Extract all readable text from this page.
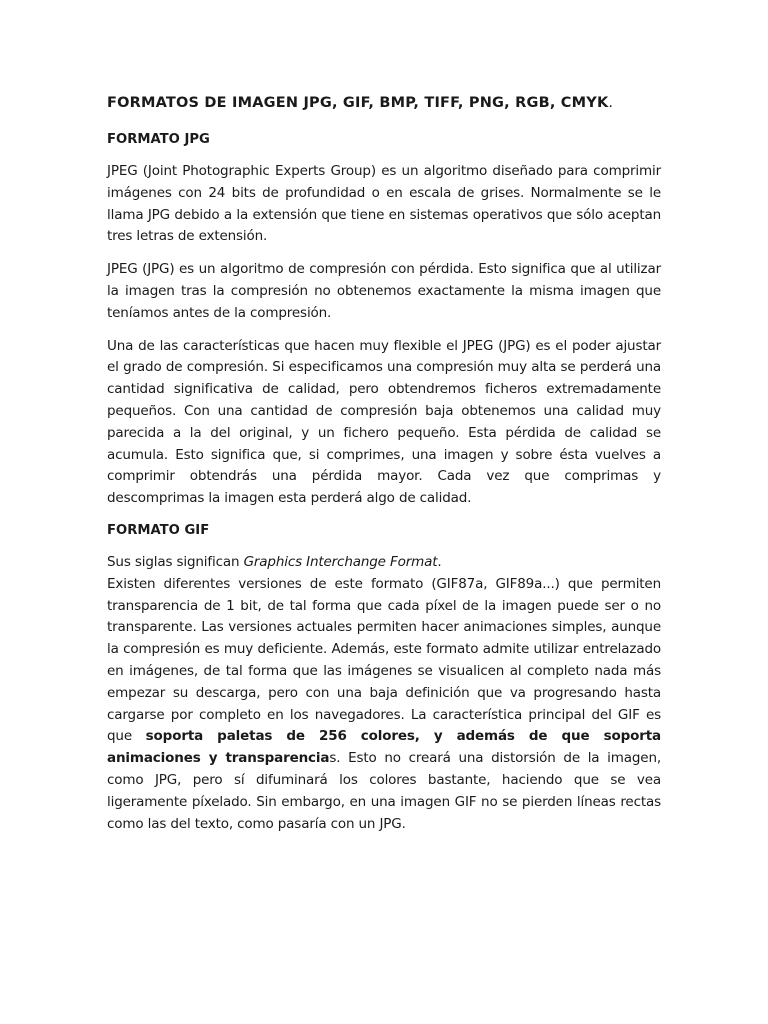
FORMATOS DE IMAGEN JPG, GIF, BMP, TIFF, PNG, RGB, CMYK.
FORMATO JPG

JPEG (Joint Photographic Experts Group) es un algoritmo diseñado para comprimir imágenes con 24 bits de profundidad o en escala de grises. Normalmente se le llama JPG debido a la extensión que tiene en sistemas operativos que sólo aceptan tres letras de extensión.

JPEG (JPG) es un algoritmo de compresión con pérdida. Esto significa que al utilizar la imagen tras la compresión no obtenemos exactamente la misma imagen que teníamos antes de la compresión.

Una de las características que hacen muy flexible el JPEG (JPG) es el poder ajustar el grado de compresión. Si especificamos una compresión muy alta se perderá una cantidad significativa de calidad, pero obtendremos ficheros extremadamente pequeños. Con una cantidad de compresión baja obtenemos una calidad muy parecida a la del original, y un fichero pequeño. Esta pérdida de calidad se acumula. Esto significa que, si comprimes, una imagen y sobre ésta vuelves a comprimir obtendrás una pérdida mayor. Cada vez que comprimas y descomprimas la imagen esta perderá algo de calidad.

FORMATO GIF

Sus siglas significan Graphics Interchange Format.

Existen diferentes versiones de este formato (GIF87a, GIF89a...) que permiten transparencia de 1 bit, de tal forma que cada píxel de la imagen puede ser o no transparente. Las versiones actuales permiten hacer animaciones simples, aunque la compresión es muy deficiente. Además, este formato admite utilizar entrelazado en imágenes, de tal forma que las imágenes se visualicen al completo nada más empezar su descarga, pero con una baja definición que va progresando hasta cargarse por completo en los navegadores. La característica principal del GIF es que soporta paletas de 256 colores, y además de que soporta animaciones y transparencias. Esto no creará una distorsión de la imagen, como JPG, pero sí difuminará los colores bastante, haciendo que se vea ligeramente píxelado. Sin embargo, en una imagen GIF no se pierden líneas rectas como las del texto, como pasaría con un JPG.
